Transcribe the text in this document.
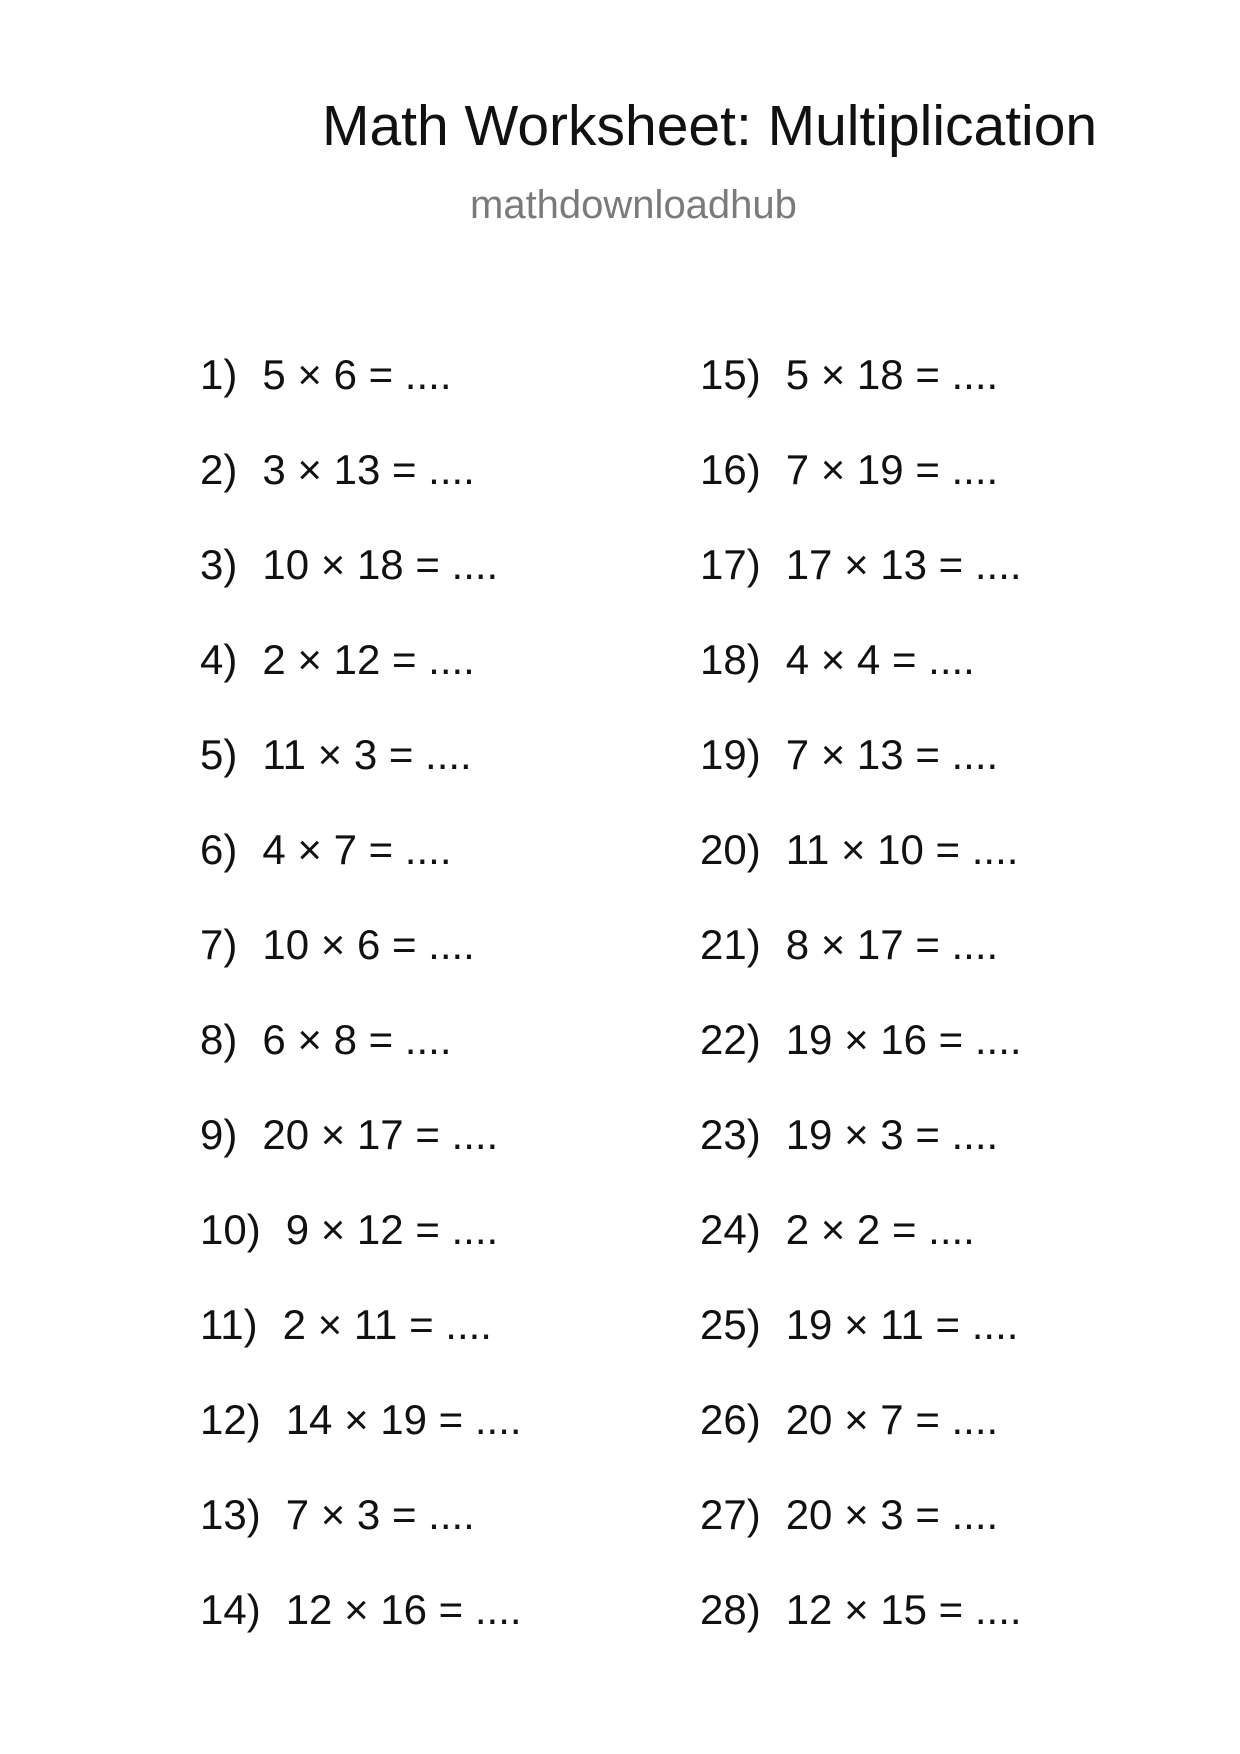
Math Worksheet: Multiplication
mathdownloadhub
1) 5 × 6 = ....
2) 3 × 13 = ....
3) 10 × 18 = ....
4) 2 × 12 = ....
5) 11 × 3 = ....
6) 4 × 7 = ....
7) 10 × 6 = ....
8) 6 × 8 = ....
9) 20 × 17 = ....
10) 9 × 12 = ....
11) 2 × 11 = ....
12) 14 × 19 = ....
13) 7 × 3 = ....
14) 12 × 16 = ....
15) 5 × 18 = ....
16) 7 × 19 = ....
17) 17 × 13 = ....
18) 4 × 4 = ....
19) 7 × 13 = ....
20) 11 × 10 = ....
21) 8 × 17 = ....
22) 19 × 16 = ....
23) 19 × 3 = ....
24) 2 × 2 = ....
25) 19 × 11 = ....
26) 20 × 7 = ....
27) 20 × 3 = ....
28) 12 × 15 = ....
